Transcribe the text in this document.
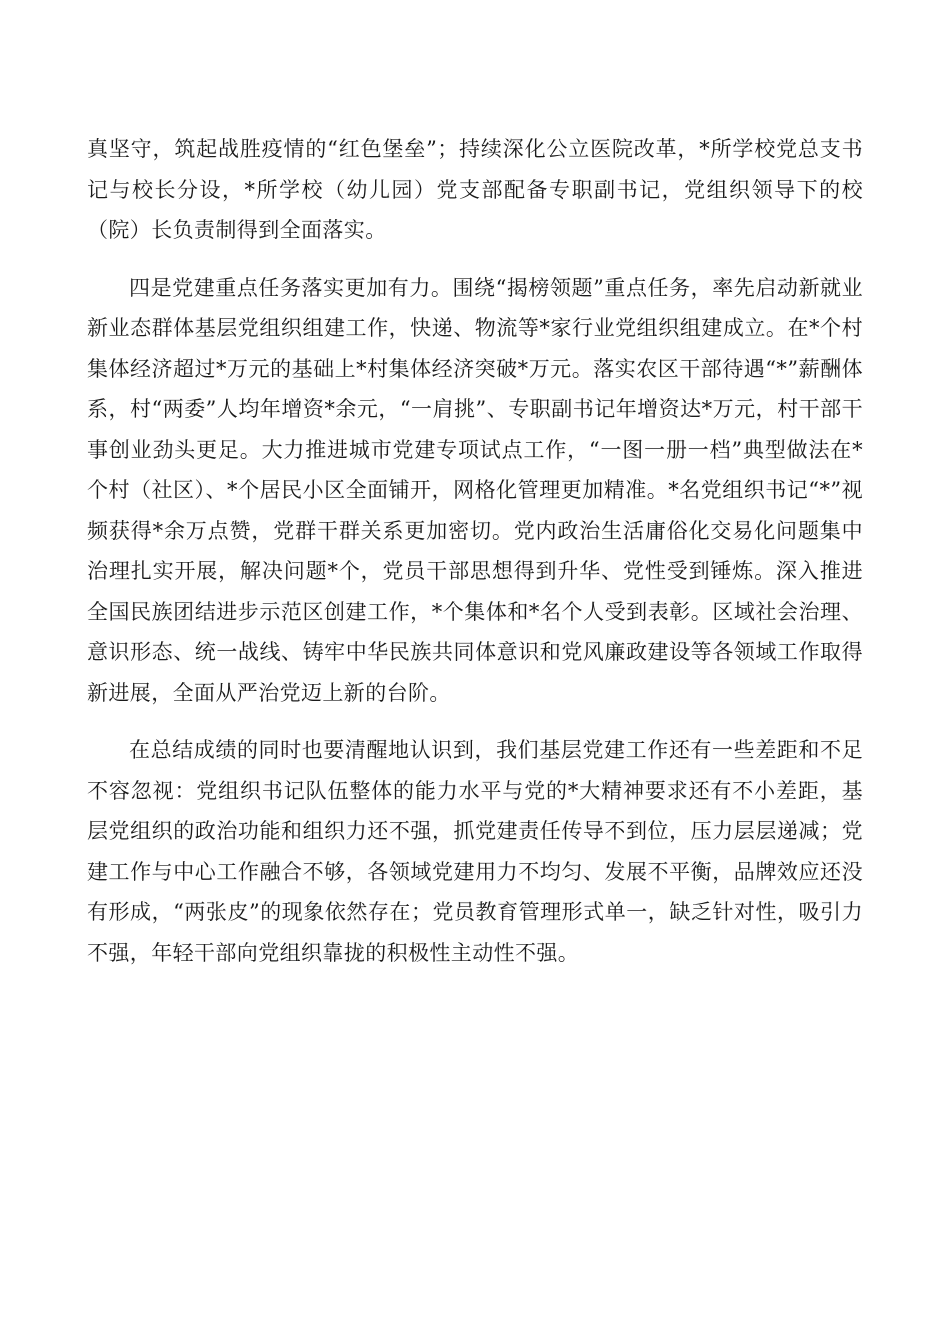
真坚守，筑起战胜疫情的“红色堡垒”；持续深化公立医院改革，*所学校党总支书记与校长分设，*所学校（幼儿园）党支部配备专职副书记，党组织领导下的校（院）长负责制得到全面落实。

四是党建重点任务落实更加有力。围绕“揭榜领题”重点任务，率先启动新就业新业态群体基层党组织组建工作，快递、物流等*家行业党组织组建成立。在*个村集体经济超过*万元的基础上*村集体经济突破*万元。落实农区干部待遇“*”薪酬体系，村“两委”人均年增资*余元，“一肩挑”、专职副书记年增资达*万元，村干部干事创业劲头更足。大力推进城市党建专项试点工作，“一图一册一档”典型做法在*个村（社区）、*个居民小区全面铺开，网格化管理更加精准。*名党组织书记“*”视频获得*余万点赞，党群干群关系更加密切。党内政治生活庸俗化交易化问题集中治理扎实开展，解决问题*个，党员干部思想得到升华、党性受到锤炼。深入推进全国民族团结进步示范区创建工作，*个集体和*名个人受到表彰。区域社会治理、意识形态、统一战线、铸牢中华民族共同体意识和党风廉政建设等各领域工作取得新进展，全面从严治党迈上新的台阶。

在总结成绩的同时也要清醒地认识到，我们基层党建工作还有一些差距和不足不容忽视：党组织书记队伍整体的能力水平与党的*大精神要求还有不小差距，基层党组织的政治功能和组织力还不强，抓党建责任传导不到位，压力层层递减；党建工作与中心工作融合不够，各领域党建用力不均匀、发展不平衡，品牌效应还没有形成，“两张皮”的现象依然存在；党员教育管理形式单一，缺乏针对性，吸引力不强，年轻干部向党组织靠拢的积极性主动性不强。
